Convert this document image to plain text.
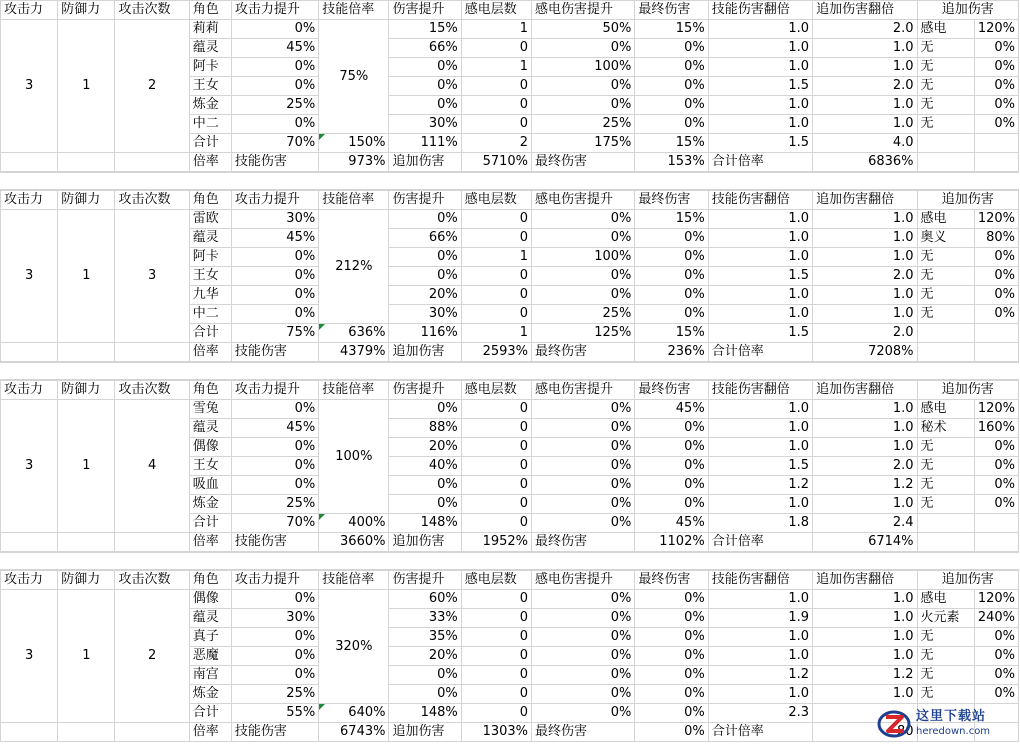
攻击力	防御力	攻击次数	角色	攻击力提升	技能倍率	伤害提升	感电层数	感电伤害提升	最终伤害	技能伤害翻倍	追加伤害翻倍	追加伤害	
3	1	2	莉莉	0%	75%	15%	1	50%	15%	1.0	2.0	感电	120%
			蕴灵	45%		66%	0	0%	0%	1.0	1.0	无	0%
			阿卡	0%		0%	1	100%	0%	1.0	1.0	无	0%
			王女	0%		0%	0	0%	0%	1.5	2.0	无	0%
			炼金	25%		0%	0	0%	0%	1.0	1.0	无	0%
			中二	0%		30%	0	25%	0%	1.0	1.0	无	0%
			合计	70%	150%	111%	2	175%	15%	1.5	4.0		
			倍率	技能伤害	973%	追加伤害	5710%	最终伤害	153%	合计倍率	6836%		
攻击力	防御力	攻击次数	角色	攻击力提升	技能倍率	伤害提升	感电层数	感电伤害提升	最终伤害	技能伤害翻倍	追加伤害翻倍	追加伤害	
3	1	3	雷欧	30%	212%	0%	0	0%	15%	1.0	1.0	感电	120%
			蕴灵	45%		66%	0	0%	0%	1.0	1.0	奥义	80%
			阿卡	0%		0%	1	100%	0%	1.0	1.0	无	0%
			王女	0%		0%	0	0%	0%	1.5	2.0	无	0%
			九华	0%		20%	0	0%	0%	1.0	1.0	无	0%
			中二	0%		30%	0	25%	0%	1.0	1.0	无	0%
			合计	75%	636%	116%	1	125%	15%	1.5	2.0		
			倍率	技能伤害	4379%	追加伤害	2593%	最终伤害	236%	合计倍率	7208%		
攻击力	防御力	攻击次数	角色	攻击力提升	技能倍率	伤害提升	感电层数	感电伤害提升	最终伤害	技能伤害翻倍	追加伤害翻倍	追加伤害	
3	1	4	雪兔	0%	100%	0%	0	0%	45%	1.0	1.0	感电	120%
			蕴灵	45%		88%	0	0%	0%	1.0	1.0	秘术	160%
			偶像	0%		20%	0	0%	0%	1.0	1.0	无	0%
			王女	0%		40%	0	0%	0%	1.5	2.0	无	0%
			吸血	0%		0%	0	0%	0%	1.2	1.2	无	0%
			炼金	25%		0%	0	0%	0%	1.0	1.0	无	0%
			合计	70%	400%	148%	0	0%	45%	1.8	2.4		
			倍率	技能伤害	3660%	追加伤害	1952%	最终伤害	1102%	合计倍率	6714%		
攻击力	防御力	攻击次数	角色	攻击力提升	技能倍率	伤害提升	感电层数	感电伤害提升	最终伤害	技能伤害翻倍	追加伤害翻倍	追加伤害	
3	1	2	偶像	0%	320%	60%	0	0%	0%	1.0	1.0	感电	120%
			蕴灵	30%		33%	0	0%	0%	1.9	1.0	火元素	240%
			真子	0%		35%	0	0%	0%	1.0	1.0	无	0%
			恶魔	0%		20%	0	0%	0%	1.0	1.0	无	0%
			南宫	0%		0%	0	0%	0%	1.2	1.2	无	0%
			炼金	25%		0%	0	0%	0%	1.0	1.0	无	0%
			合计	55%	640%	148%	0	0%	0%	2.3			
			倍率	技能伤害	6743%	追加伤害	1303%	最终伤害	0%	合计倍率	80		
这里下载站
heredown.com
